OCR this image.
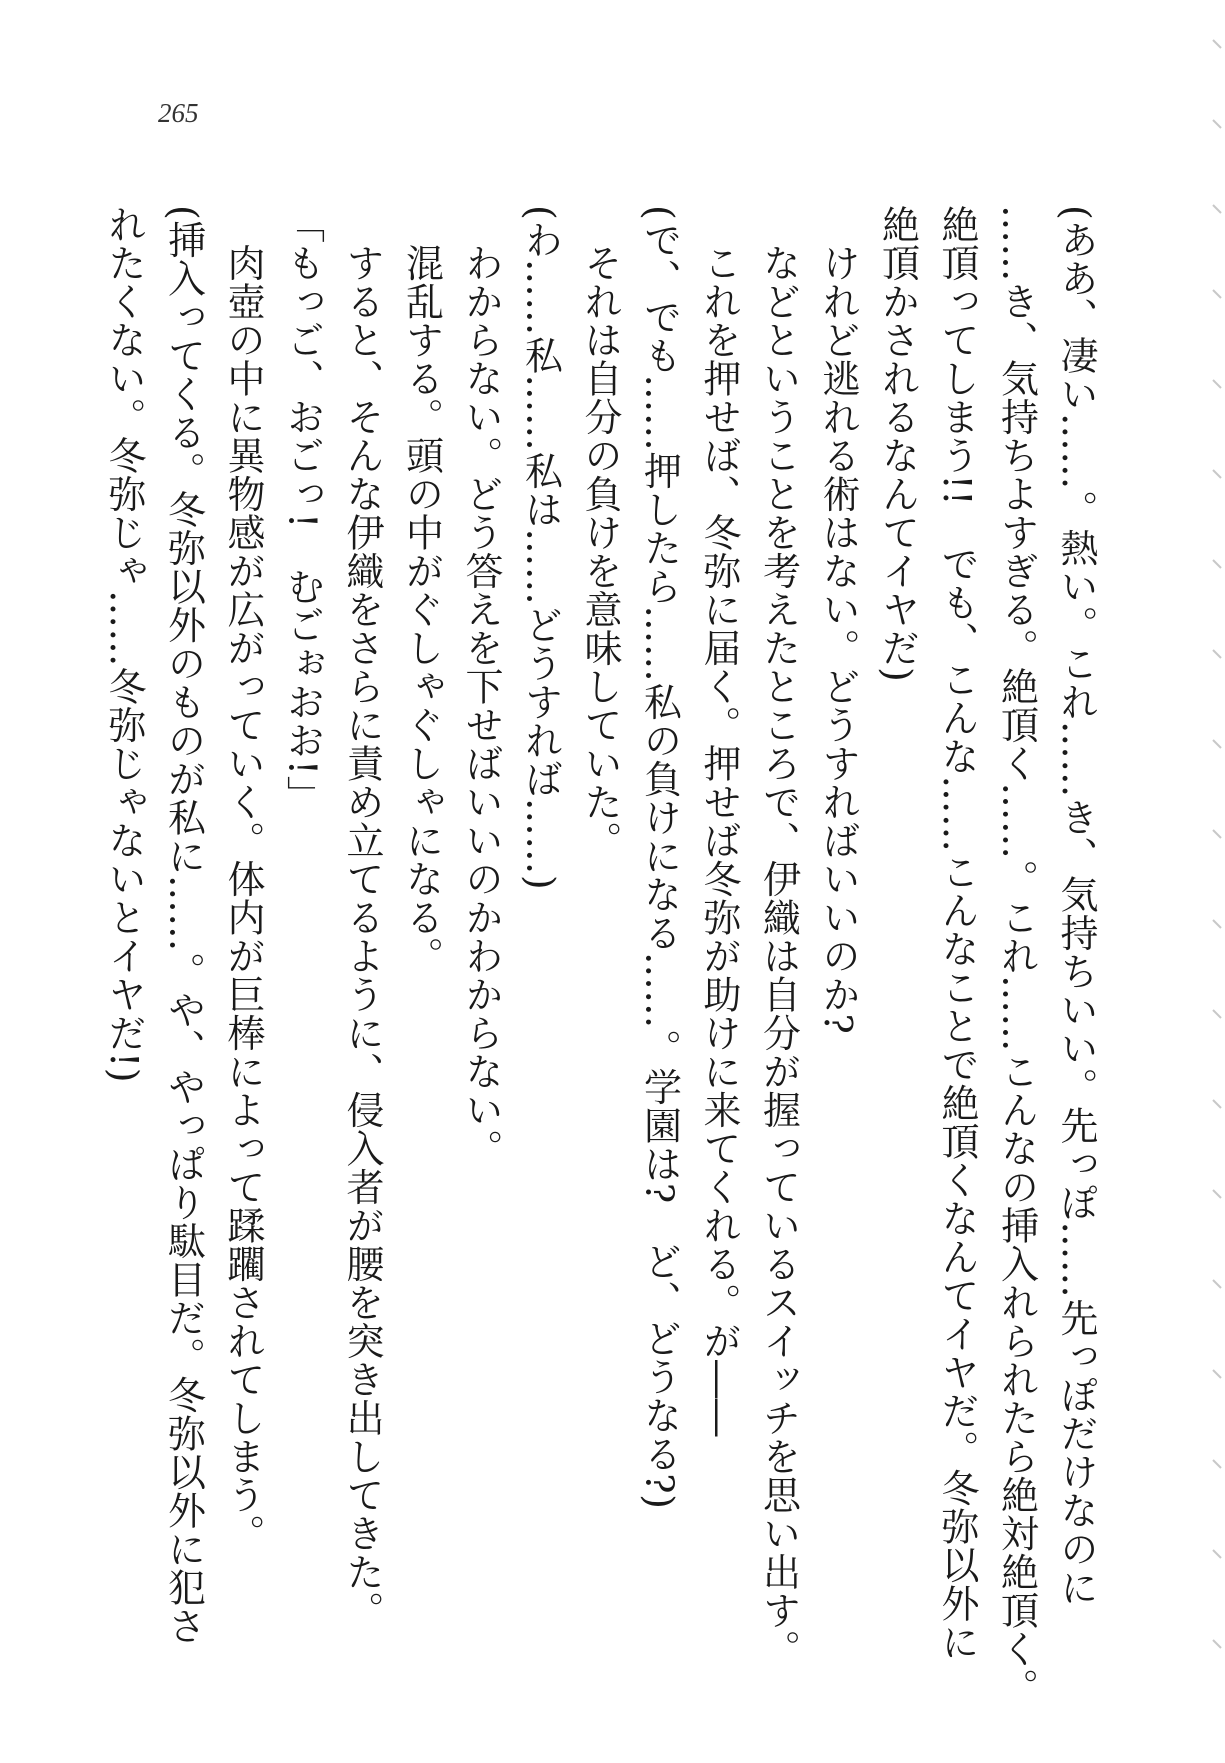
265
(ああ、凄い……。熱い。これ……き、気持ちいい。先っぽ……先っぽだけなのに
……き、気持ちよすぎる。絶頂く……。これ……こんなの挿入れられたら絶対絶頂く。
絶頂ってしまう!!　でも、こんな……こんなことで絶頂くなんてイヤだ。冬弥以外に
絶頂かされるなんてイヤだ)
　けれど逃れる術はない。どうすればいいのか?
　などということを考えたところで、伊織は自分が握っているスイッチを思い出す。
　これを押せば、冬弥に届く。押せば冬弥が助けに来てくれる。が――
(で、でも……押したら……私の負けになる……。学園は?　ど、どうなる?)
　それは自分の負けを意味していた。
(わ……私……私は……どうすれば……)
　わからない。どう答えを下せばいいのかわからない。
　混乱する。頭の中がぐしゃぐしゃになる。
　すると、そんな伊織をさらに責め立てるように、侵入者が腰を突き出してきた。
「もっご、おごっ!　むごぉおお!」
　肉壺の中に異物感が広がっていく。体内が巨棒によって蹂躙されてしまう。
(挿入ってくる。冬弥以外のものが私に……。や、やっぱり駄目だ。冬弥以外に犯さ
れたくない。冬弥じゃ……冬弥じゃないとイヤだ!)
